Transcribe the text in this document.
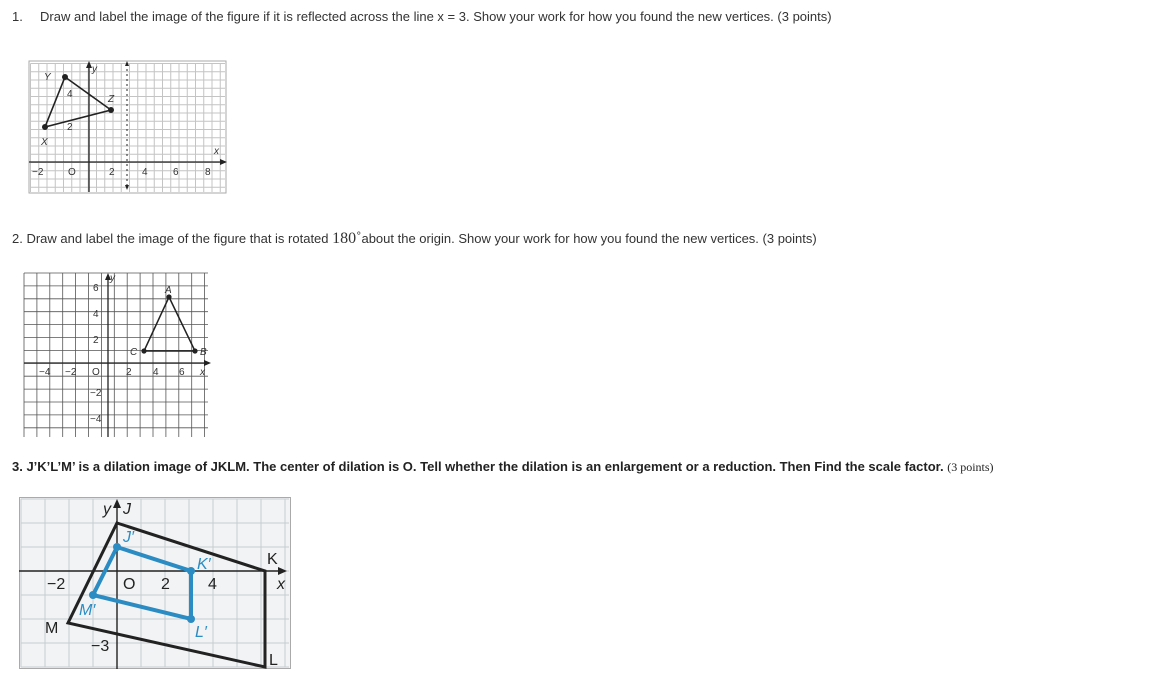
1. Draw and label the image of the figure if it is reflected across the line x = 3. Show your work for how you found the new vertices. (3 points)
y
x
Y
Z
X
4
2
−2 O	2	4	6	8
2. Draw and label the image of the figure that is rotated 180˚about the origin. Show your work for how you found the new vertices. (3 points)
y
x
A
B
C
6
4
2
−2
−4
−4 −2 O	2 4 6
3. J’K’L’M’ is a dilation image of JKLM. The center of dilation is O. Tell whether the dilation is an enlargement or a reduction. Then Find the scale factor. (3 points)
y
x
J
K
L
M
J′
K′
L′
M′
−2	O 2 4
−3
